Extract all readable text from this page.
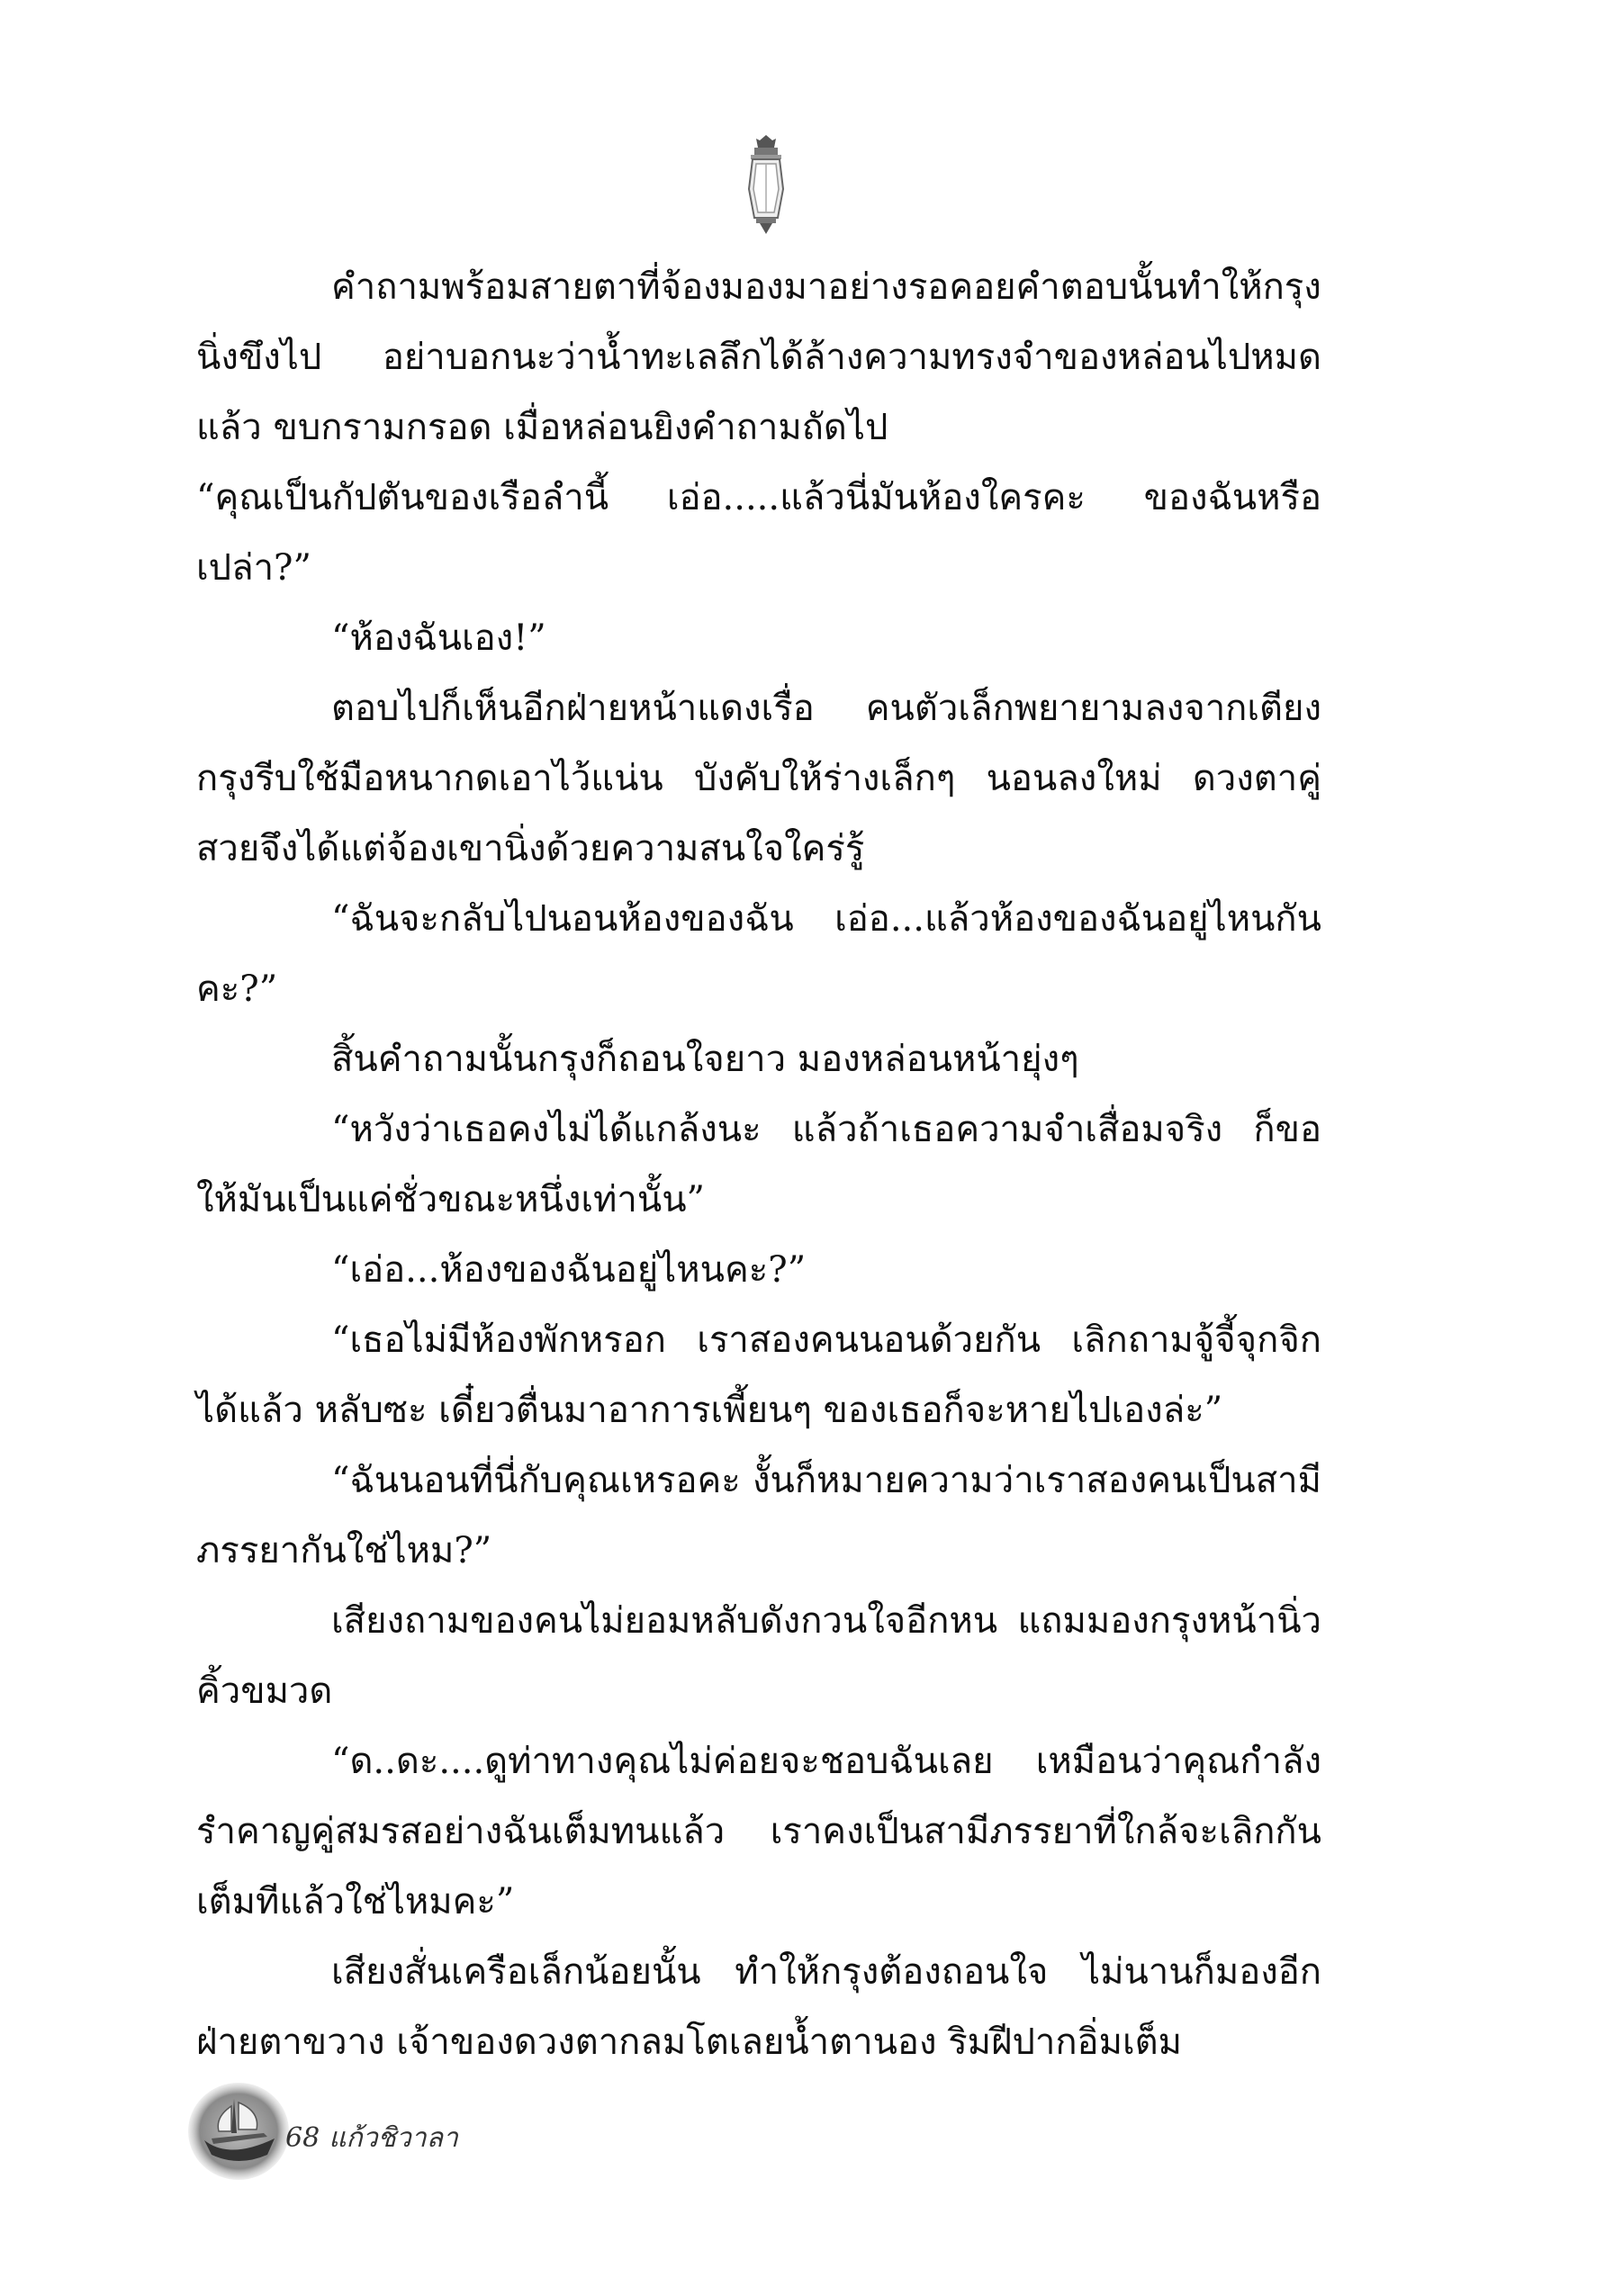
คำถามพร้อมสายตาที่จ้องมองมาอย่างรอคอยคำตอบนั้นทำให้กรุงนิ่งขึงไป อย่าบอกนะว่าน้ำทะเลลึกได้ล้างความทรงจำของหล่อนไปหมดแล้ว ขบกรามกรอด เมื่อหล่อนยิงคำถามถัดไป

“คุณเป็นกัปตันของเรือลำนี้ เอ่อ.....แล้วนี่มันห้องใครคะ ของฉันหรือเปล่า?”

“ห้องฉันเอง!”

ตอบไปก็เห็นอีกฝ่ายหน้าแดงเรื่อ คนตัวเล็กพยายามลงจากเตียง กรุงรีบใช้มือหนากดเอาไว้แน่น บังคับให้ร่างเล็กๆ นอนลงใหม่ ดวงตาคู่สวยจึงได้แต่จ้องเขานิ่งด้วยความสนใจใคร่รู้

“ฉันจะกลับไปนอนห้องของฉัน เอ่อ...แล้วห้องของฉันอยู่ไหนกันคะ?”

สิ้นคำถามนั้นกรุงก็ถอนใจยาว มองหล่อนหน้ายุ่งๆ

“หวังว่าเธอคงไม่ได้แกล้งนะ แล้วถ้าเธอความจำเสื่อมจริง ก็ขอให้มันเป็นแค่ชั่วขณะหนึ่งเท่านั้น”

“เอ่อ...ห้องของฉันอยู่ไหนคะ?”

“เธอไม่มีห้องพักหรอก เราสองคนนอนด้วยกัน เลิกถามจู้จี้จุกจิกได้แล้ว หลับซะ เดี๋ยวตื่นมาอาการเพี้ยนๆ ของเธอก็จะหายไปเองล่ะ”

“ฉันนอนที่นี่กับคุณเหรอคะ งั้นก็หมายความว่าเราสองคนเป็นสามีภรรยากันใช่ไหม?”

เสียงถามของคนไม่ยอมหลับดังกวนใจอีกหน แถมมองกรุงหน้านิ่วคิ้วขมวด

“ด..ดะ....ดูท่าทางคุณไม่ค่อยจะชอบฉันเลย เหมือนว่าคุณกำลังรำคาญคู่สมรสอย่างฉันเต็มทนแล้ว เราคงเป็นสามีภรรยาที่ใกล้จะเลิกกันเต็มทีแล้วใช่ไหมคะ”

เสียงสั่นเครือเล็กน้อยนั้น ทำให้กรุงต้องถอนใจ ไม่นานก็มองอีกฝ่ายตาขวาง เจ้าของดวงตากลมโตเลยน้ำตานอง ริมฝีปากอิ่มเต็ม

68 แก้วชิวาลา
